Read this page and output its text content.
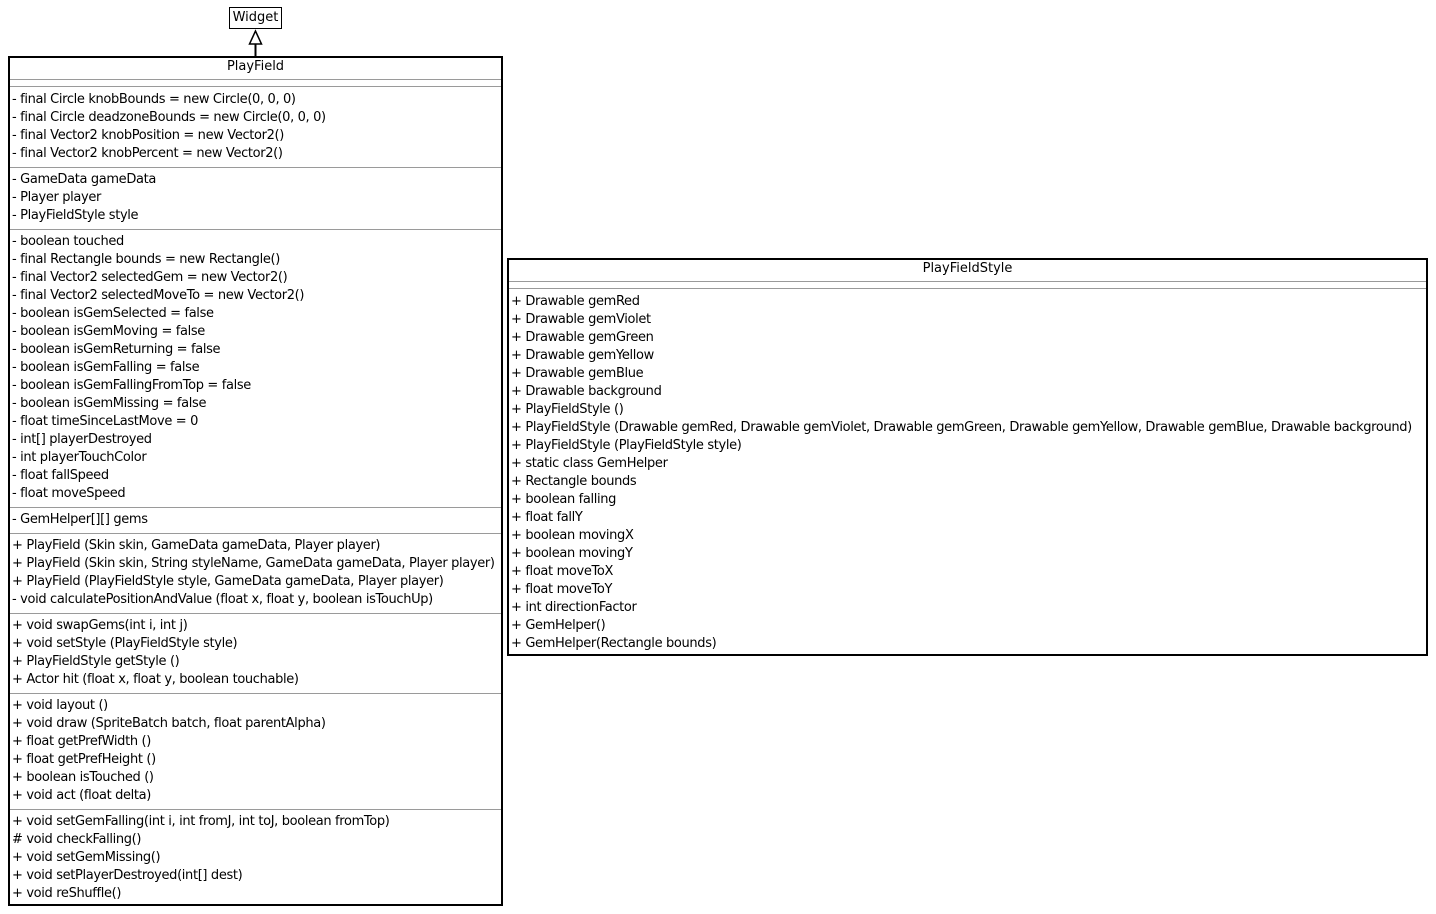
Widget
PlayField
- final Circle knobBounds = new Circle(0, 0, 0)
- final Circle deadzoneBounds = new Circle(0, 0, 0)
- final Vector2 knobPosition = new Vector2()
- final Vector2 knobPercent = new Vector2()
- GameData gameData
- Player player
- PlayFieldStyle style
- boolean touched
- final Rectangle bounds = new Rectangle()
- final Vector2 selectedGem = new Vector2()
- final Vector2 selectedMoveTo = new Vector2()
- boolean isGemSelected = false
- boolean isGemMoving = false
- boolean isGemReturning = false
- boolean isGemFalling = false
- boolean isGemFallingFromTop = false
- boolean isGemMissing = false
- float timeSinceLastMove = 0
- int[] playerDestroyed
- int playerTouchColor
- float fallSpeed
- float moveSpeed
- GemHelper[][] gems
+ PlayField (Skin skin, GameData gameData, Player player)
+ PlayField (Skin skin, String styleName, GameData gameData, Player player)
+ PlayField (PlayFieldStyle style, GameData gameData, Player player)
- void calculatePositionAndValue (float x, float y, boolean isTouchUp)
+ void swapGems(int i, int j)
+ void setStyle (PlayFieldStyle style)
+ PlayFieldStyle getStyle ()
+ Actor hit (float x, float y, boolean touchable)
+ void layout ()
+ void draw (SpriteBatch batch, float parentAlpha)
+ float getPrefWidth ()
+ float getPrefHeight ()
+ boolean isTouched ()
+ void act (float delta)
+ void setGemFalling(int i, int fromJ, int toJ, boolean fromTop)
# void checkFalling()
+ void setGemMissing()
+ void setPlayerDestroyed(int[] dest)
+ void reShuffle()
PlayFieldStyle
+ Drawable gemRed
+ Drawable gemViolet
+ Drawable gemGreen
+ Drawable gemYellow
+ Drawable gemBlue
+ Drawable background
+ PlayFieldStyle ()
+ PlayFieldStyle (Drawable gemRed, Drawable gemViolet, Drawable gemGreen, Drawable gemYellow, Drawable gemBlue, Drawable background)
+ PlayFieldStyle (PlayFieldStyle style)
+ static class GemHelper
+ Rectangle bounds
+ boolean falling
+ float fallY
+ boolean movingX
+ boolean movingY
+ float moveToX
+ float moveToY
+ int directionFactor
+ GemHelper()
+ GemHelper(Rectangle bounds)
